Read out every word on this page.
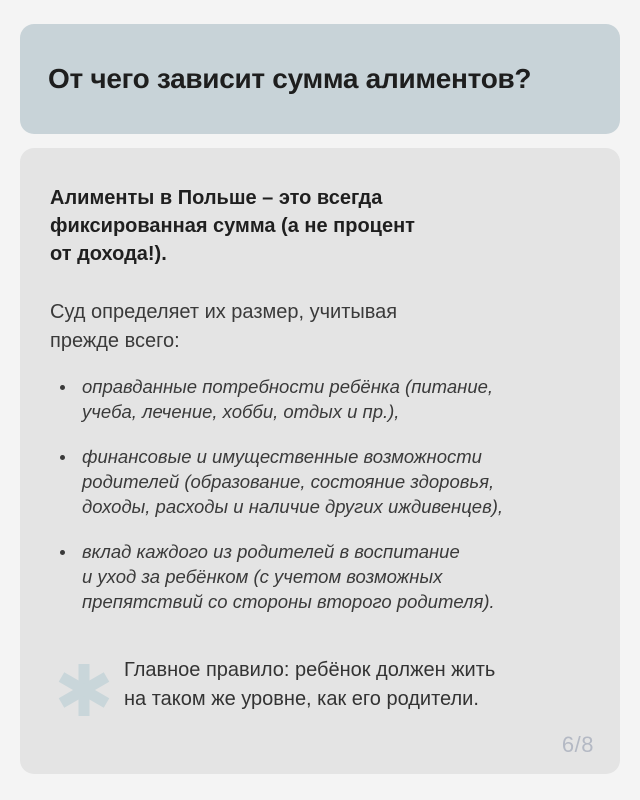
От чего зависит сумма алиментов?
Алименты в Польше – это всегда
фиксированная сумма (а не процент
от дохода!).
Суд определяет их размер, учитывая
прежде всего:
оправданные потребности ребёнка (питание,
учеба, лечение, хобби, отдых и пр.),
финансовые и имущественные возможности
родителей (образование, состояние здоровья,
доходы, расходы и наличие других иждивенцев),
вклад каждого из родителей в воспитание
и уход за ребёнком (с учетом возможных
препятствий со стороны второго родителя).
Главное правило: ребёнок должен жить
на таком же уровне, как его родители.
6/8
